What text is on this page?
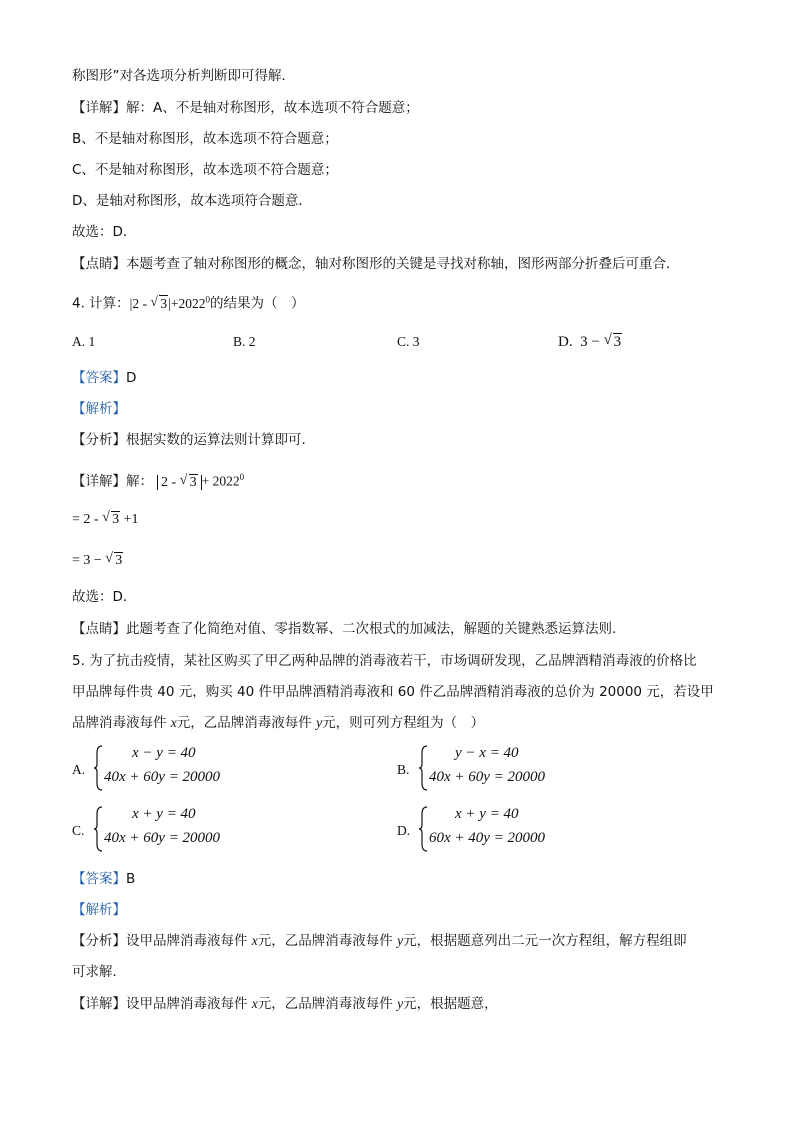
称图形”对各选项分析判断即可得解．
【详解】解：A、不是轴对称图形，故本选项不符合题意；
B、不是轴对称图形，故本选项不符合题意；
C、不是轴对称图形，故本选项不符合题意；
D、是轴对称图形，故本选项符合题意．
故选：D．
【点睛】本题考查了轴对称图形的概念，轴对称图形的关键是寻找对称轴，图形两部分折叠后可重合．
4. 计算：|2 - √ $3|+2022^0$的结果为（　）
A. 1	B. 2	C. 3	D. 3 − √ 3
【答案】D
【解析】
【分析】根据实数的运算法则计算即可．
【详解】解： 2 - √ $3 + 2022^0$
= 2 - √ 3 +1
= 3 − √ 3
故选：D．
【点睛】此题考查了化简绝对值、零指数幂、二次根式的加减法，解题的关键熟悉运算法则．
5. 为了抗击疫情，某社区购买了甲乙两种品牌的消毒液若干，市场调研发现，乙品牌酒精消毒液的价格比
甲品牌每件贵 40 元，购买 40 件甲品牌酒精消毒液和 60 件乙品牌酒精消毒液的总价为 20000 元，若设甲
品牌消毒液每件 x元，乙品牌消毒液每件 y元，则可列方程组为（　）
A.
x − y = 40
40x + 60y = 20000	B.
y − x = 40
40x + 60y = 20000
C.
x + y = 40
40x + 60y = 20000	D.
x + y = 40
60x + 40y = 20000
【答案】B
【解析】
【分析】设甲品牌消毒液每件 x元，乙品牌消毒液每件 y元，根据题意列出二元一次方程组，解方程组即
可求解．
【详解】设甲品牌消毒液每件 x元，乙品牌消毒液每件 y元，根据题意，
